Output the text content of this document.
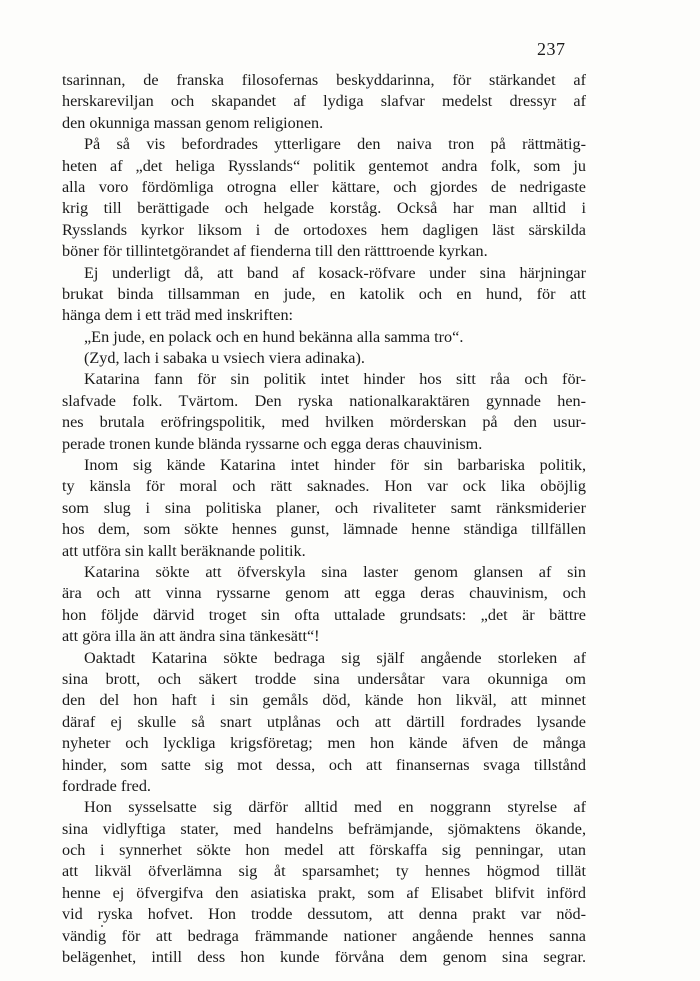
237
tsarinnan, de franska filosofernas beskyddarinna, för stärkandet af
herskareviljan och skapandet af lydiga slafvar medelst dressyr af
den okunniga massan genom religionen.
På så vis befordrades ytterligare den naiva tron på rättmätig-
heten af „det heliga Rysslands“ politik gentemot andra folk, som ju
alla voro fördömliga otrogna eller kättare, och gjordes de nedrigaste
krig till berättigade och helgade korståg. Också har man alltid i
Rysslands kyrkor liksom i de ortodoxes hem dagligen läst särskilda
böner för tillintetgörandet af fienderna till den rätttroende kyrkan.
Ej underligt då, att band af kosack-röfvare under sina härjningar
brukat binda tillsamman en jude, en katolik och en hund, för att
hänga dem i ett träd med inskriften:
„En jude, en polack och en hund bekänna alla samma tro“.
(Zyd, lach i sabaka u vsiech viera adinaka).
Katarina fann för sin politik intet hinder hos sitt råa och för-
slafvade folk. Tvärtom. Den ryska nationalkaraktären gynnade hen-
nes brutala eröfringspolitik, med hvilken mörderskan på den usur-
perade tronen kunde blända ryssarne och egga deras chauvinism.
Inom sig kände Katarina intet hinder för sin barbariska politik,
ty känsla för moral och rätt saknades. Hon var ock lika oböjlig
som slug i sina politiska planer, och rivaliteter samt ränksmiderier
hos dem, som sökte hennes gunst, lämnade henne ständiga tillfällen
att utföra sin kallt beräknande politik.
Katarina sökte att öfverskyla sina laster genom glansen af sin
ära och att vinna ryssarne genom att egga deras chauvinism, och
hon följde därvid troget sin ofta uttalade grundsats: „det är bättre
att göra illa än att ändra sina tänkesätt“!
Oaktadt Katarina sökte bedraga sig själf angående storleken af
sina brott, och säkert trodde sina undersåtar vara okunniga om
den del hon haft i sin gemåls död, kände hon likväl, att minnet
däraf ej skulle så snart utplånas och att därtill fordrades lysande
nyheter och lyckliga krigsföretag; men hon kände äfven de många
hinder, som satte sig mot dessa, och att finansernas svaga tillstånd
fordrade fred.
Hon sysselsatte sig därför alltid med en noggrann styrelse af
sina vidlyftiga stater, med handelns befrämjande, sjömaktens ökande,
och i synnerhet sökte hon medel att förskaffa sig penningar, utan
att likväl öfverlämna sig åt sparsamhet; ty hennes högmod tillät
henne ej öfvergifva den asiatiska prakt, som af Elisabet blifvit införd
vid ryska hofvet. Hon trodde dessutom, att denna prakt var nöd-
vändig för att bedraga främmande nationer angående hennes sanna
belägenhet, intill dess hon kunde förvåna dem genom sina segrar.
